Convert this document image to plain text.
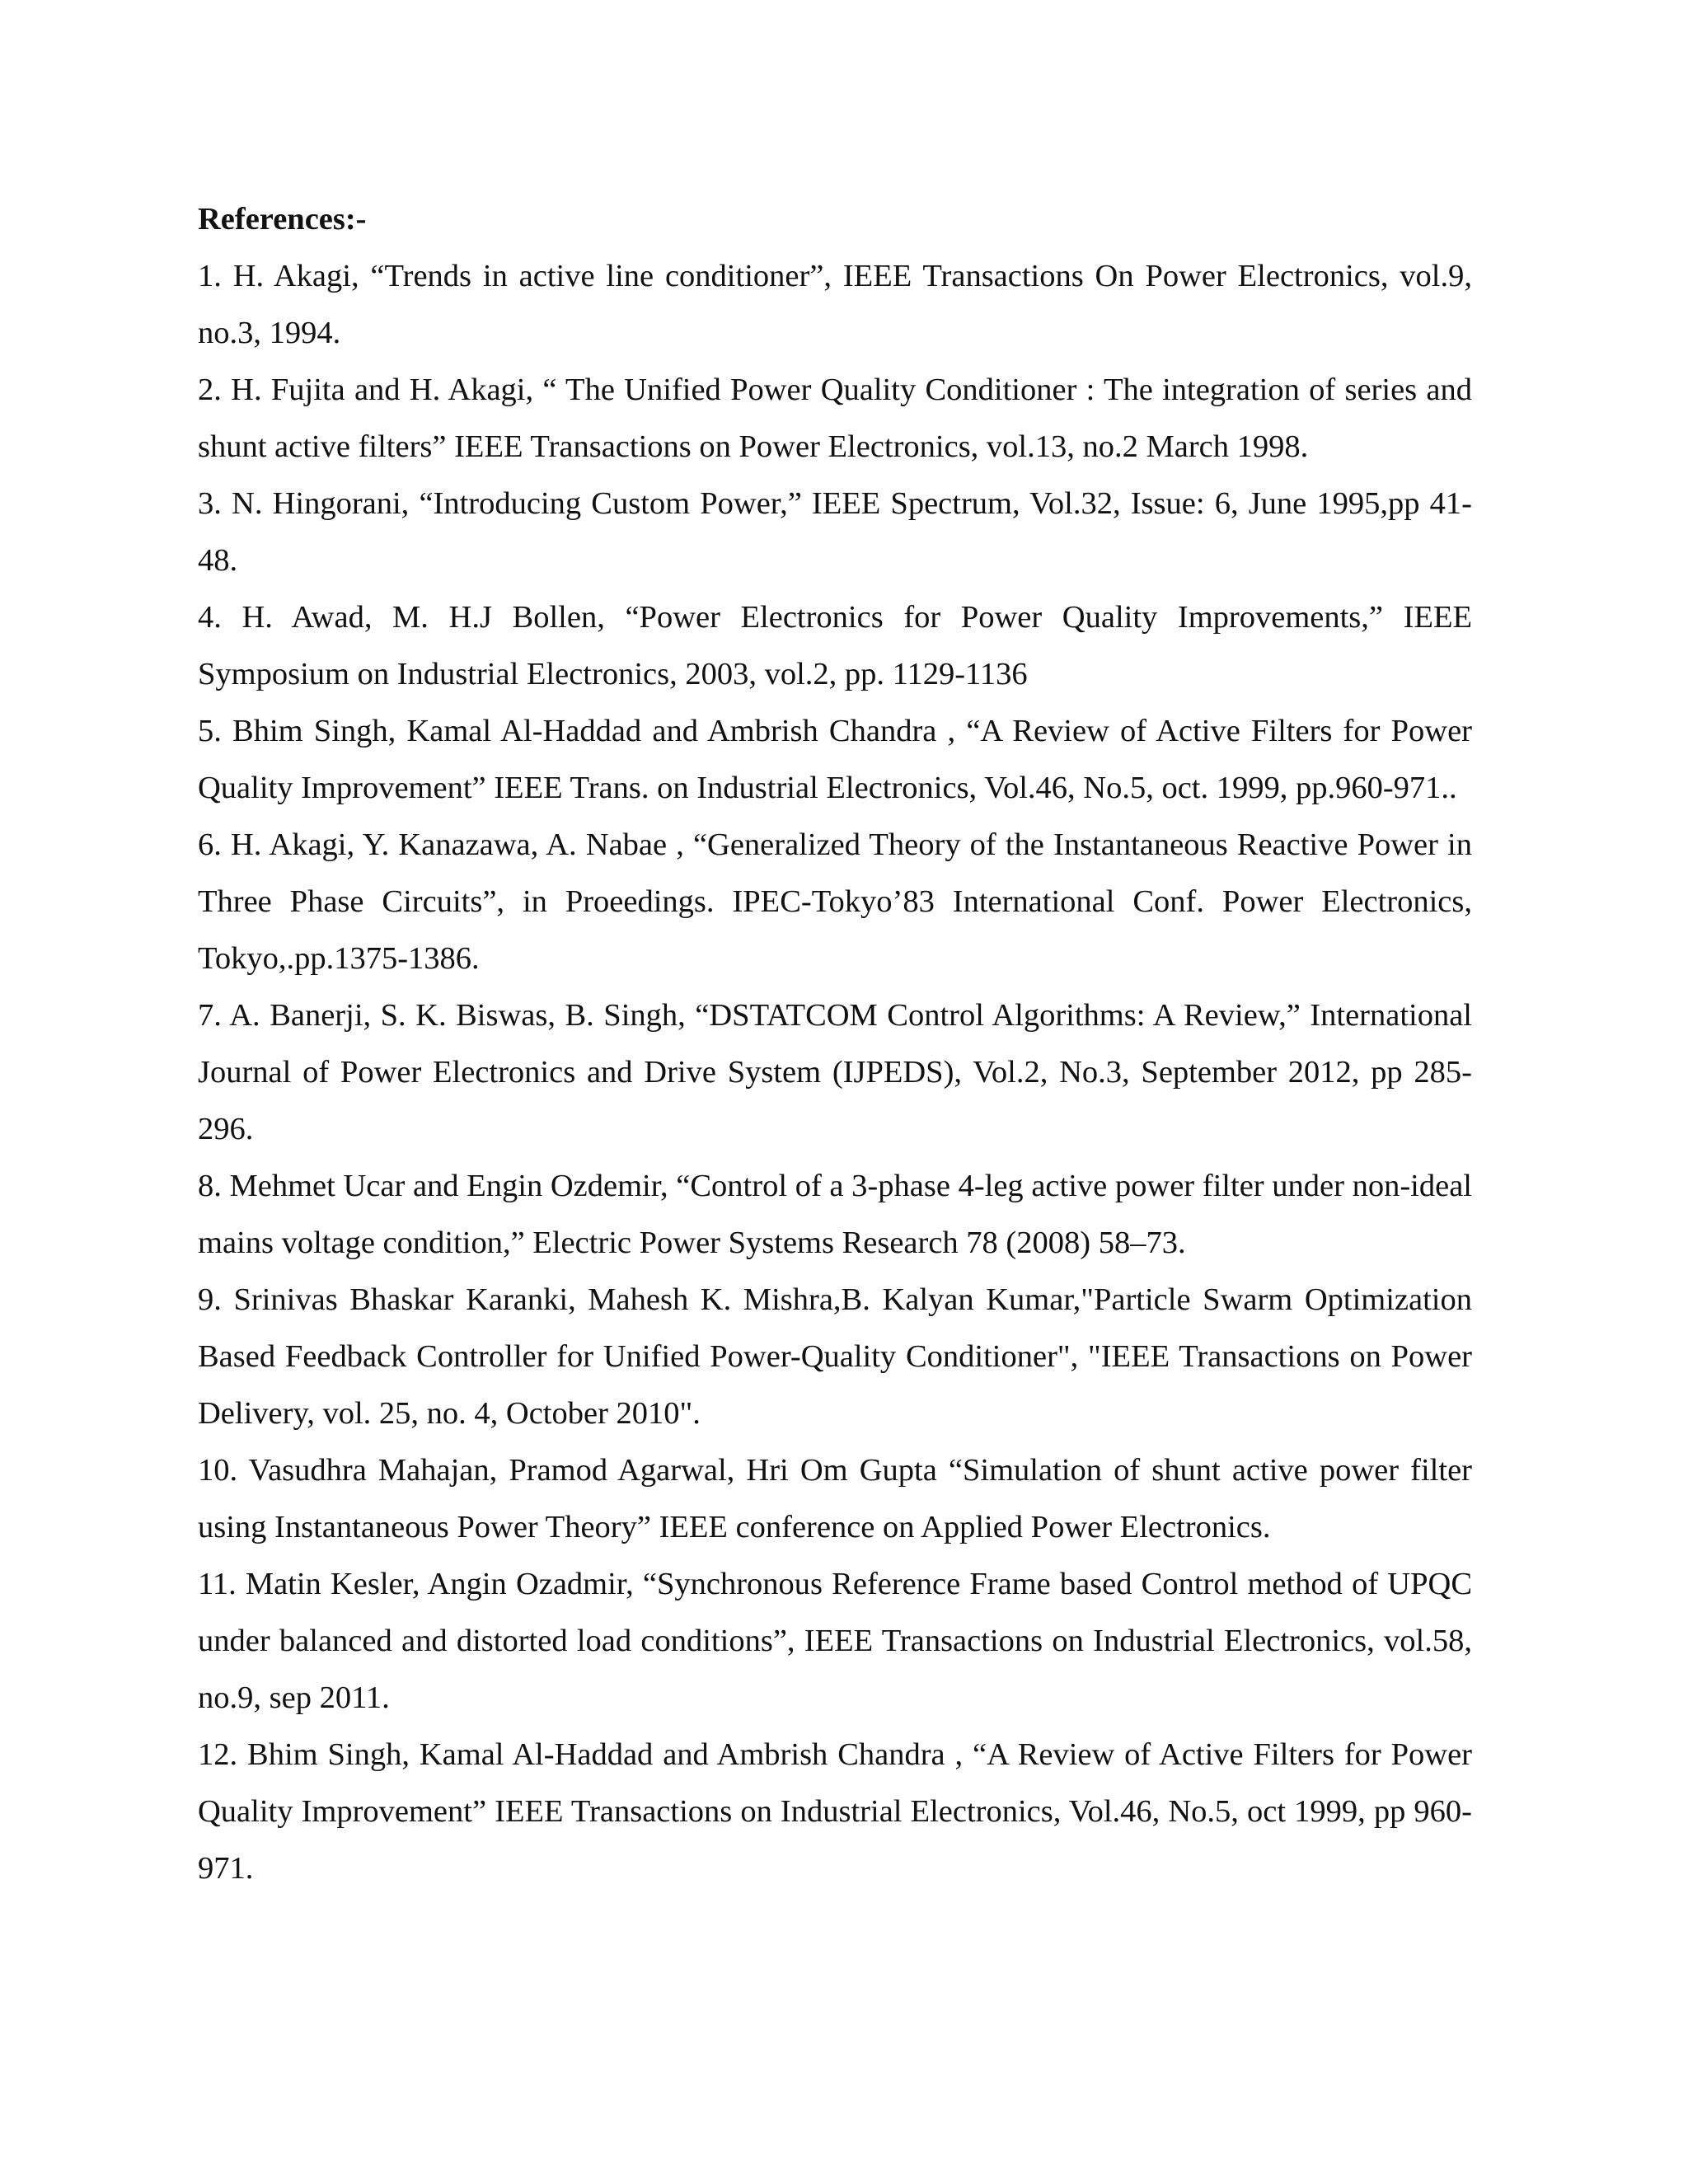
References:-

1. H. Akagi, “Trends in active line conditioner”, IEEE Transactions On Power Electronics, vol.9, no.3, 1994.

2. H. Fujita and H. Akagi, “ The Unified Power Quality Conditioner : The integration of series and shunt active filters” IEEE Transactions on Power Electronics, vol.13, no.2 March 1998.

3. N. Hingorani, “Introducing Custom Power,” IEEE Spectrum, Vol.32, Issue: 6, June 1995,pp 41-48.

4. H. Awad, M. H.J Bollen, “Power Electronics for Power Quality Improvements,” IEEE Symposium on Industrial Electronics, 2003, vol.2, pp. 1129-1136

5. Bhim Singh, Kamal Al-Haddad and Ambrish Chandra , “A Review of Active Filters for Power Quality Improvement” IEEE Trans. on Industrial Electronics, Vol.46, No.5, oct. 1999, pp.960-971..

6. H. Akagi, Y. Kanazawa, A. Nabae , “Generalized Theory of the Instantaneous Reactive Power in Three Phase Circuits”, in Proeedings. IPEC-Tokyo’83 International Conf. Power Electronics, Tokyo,.pp.1375-1386.

7. A. Banerji, S. K. Biswas, B. Singh, “DSTATCOM Control Algorithms: A Review,” International Journal of Power Electronics and Drive System (IJPEDS), Vol.2, No.3, September 2012, pp 285-296.

8. Mehmet Ucar and Engin Ozdemir, “Control of a 3-phase 4-leg active power filter under non-ideal mains voltage condition,” Electric Power Systems Research 78 (2008) 58–73.

9. Srinivas Bhaskar Karanki, Mahesh K. Mishra,B. Kalyan Kumar,"Particle Swarm Optimization Based Feedback Controller for Unified Power-Quality Conditioner", "IEEE Transactions on Power Delivery, vol. 25, no. 4, October 2010".

10. Vasudhra Mahajan, Pramod Agarwal, Hri Om Gupta “Simulation of shunt active power filter using Instantaneous Power Theory” IEEE conference on Applied Power Electronics.

11. Matin Kesler, Angin Ozadmir, “Synchronous Reference Frame based Control method of UPQC under balanced and distorted load conditions”, IEEE Transactions on Industrial Electronics, vol.58, no.9, sep 2011.

12. Bhim Singh, Kamal Al-Haddad and Ambrish Chandra , “A Review of Active Filters for Power Quality Improvement” IEEE Transactions on Industrial Electronics, Vol.46, No.5, oct 1999, pp 960-971.
